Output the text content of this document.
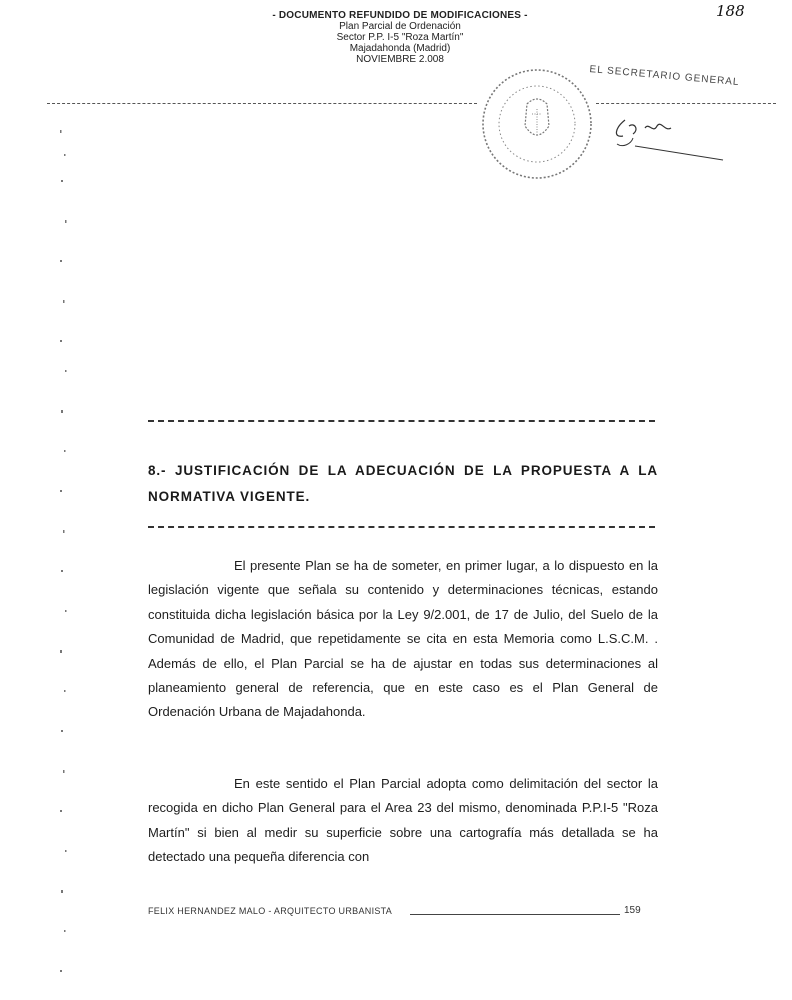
- DOCUMENTO REFUNDIDO DE MODIFICACIONES -
Plan Parcial de Ordenación
Sector P.P. I-5 "Roza Martín"
Majadahonda (Madrid)
NOVIEMBRE 2.008
188
EL SECRETARIO GENERAL
8.- JUSTIFICACIÓN DE LA ADECUACIÓN DE LA PROPUESTA A LA NORMATIVA VIGENTE.

El presente Plan se ha de someter, en primer lugar, a lo dispuesto en la legislación vigente que señala su contenido y determinaciones técnicas, estando constituida dicha legislación básica por la Ley 9/2.001, de 17 de Julio, del Suelo de la Comunidad de Madrid, que repetidamente se cita en esta Memoria como L.S.C.M. . Además de ello, el Plan Parcial se ha de ajustar en todas sus determinaciones al planeamiento general de referencia, que en este caso es el Plan General de Ordenación Urbana de Majadahonda.

En este sentido el Plan Parcial adopta como delimitación del sector la recogida en dicho Plan General para el Area 23 del mismo, denominada P.P.I-5 "Roza Martín" si bien al medir su superficie sobre una cartografía más detallada se ha detectado una pequeña diferencia con

FELIX HERNANDEZ MALO - ARQUITECTO URBANISTA	159
